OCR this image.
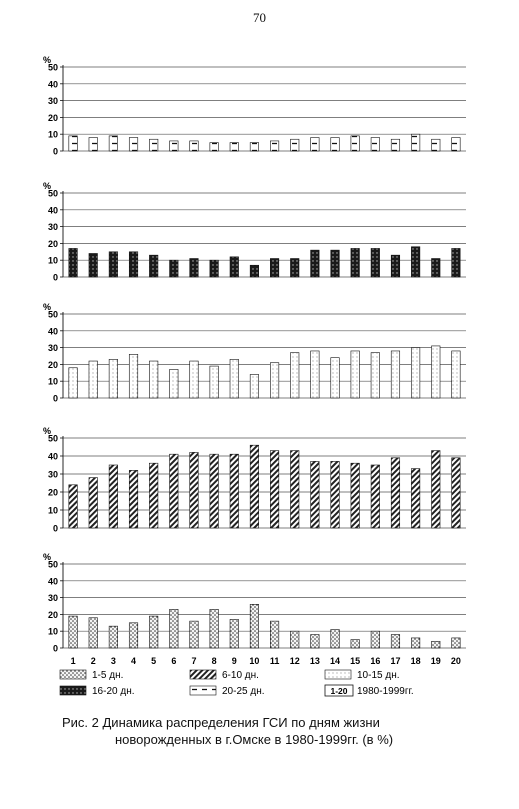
70
0
10
20
30
40
50
%
0
10
20
30
40
50
%
0
10
20
30
40
50
%
0
10
20
30
40
50
%
0
10
20
30
40
50
%
1 2 3 4 5 6 7 8 9 10 11 12 13 14 15 16 17 18 19 20
1-5 дн.	6-10 дн.	10-15 дн.
16-20 дн.	20-25 дн.	1-20 1980-1999гг.
Рис. 2 Динамика распределения ГСИ по дням жизни
новорожденных в г.Омске в 1980-1999гг. (в %)
